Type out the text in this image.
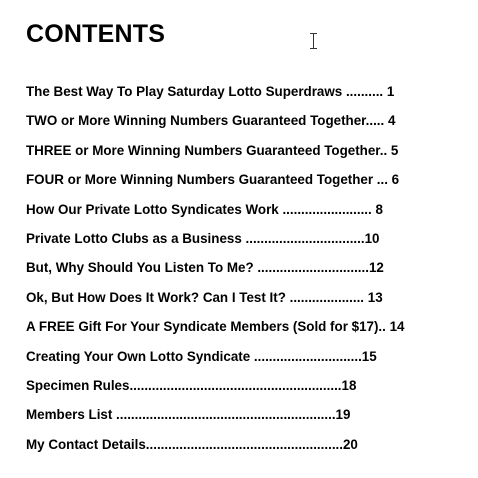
CONTENTS
The Best Way To Play Saturday Lotto Superdraws .......... 1
TWO or More Winning Numbers Guaranteed Together..... 4
THREE or More Winning Numbers Guaranteed Together.. 5
FOUR or More Winning Numbers Guaranteed Together ... 6
How Our Private Lotto Syndicates Work ........................ 8
Private Lotto Clubs as a Business ................................10
But, Why Should You Listen To Me? ..............................12
Ok, But How Does It Work? Can I Test It? .................... 13
A FREE Gift For Your Syndicate Members (Sold for $17).. 14
Creating Your Own Lotto Syndicate .............................15
Specimen Rules.........................................................18
Members List ...........................................................19
My Contact Details.....................................................20
